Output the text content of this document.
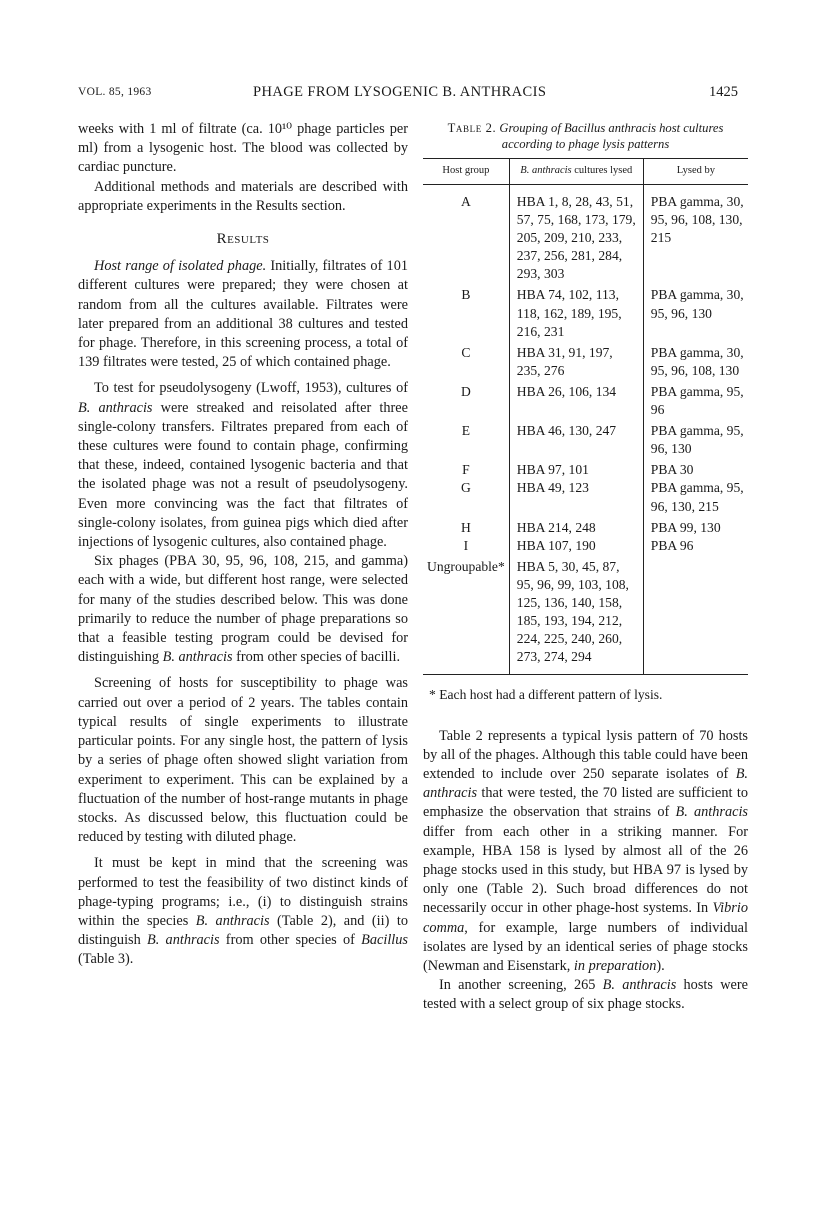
VOL. 85, 1963	PHAGE FROM LYSOGENIC B. ANTHRACIS	1425

weeks with 1 ml of filtrate (ca. 10¹⁰ phage particles per ml) from a lysogenic host. The blood was collected by cardiac puncture.

Additional methods and materials are described with appropriate experiments in the Results section.

Results

Host range of isolated phage. Initially, filtrates of 101 different cultures were prepared; they were chosen at random from all the cultures available. Filtrates were later prepared from an additional 38 cultures and tested for phage. Therefore, in this screening process, a total of 139 filtrates were tested, 25 of which contained phage.

To test for pseudolysogeny (Lwoff, 1953), cultures of B. anthracis were streaked and reisolated after three single-colony transfers. Filtrates prepared from each of these cultures were found to contain phage, confirming that these, indeed, contained lysogenic bacteria and that the isolated phage was not a result of pseudolysogeny. Even more convincing was the fact that filtrates of single-colony isolates, from guinea pigs which died after injections of lysogenic cultures, also contained phage.

Six phages (PBA 30, 95, 96, 108, 215, and gamma) each with a wide, but different host range, were selected for many of the studies described below. This was done primarily to reduce the number of phage preparations so that a feasible testing program could be devised for distinguishing B. anthracis from other species of bacilli.

Screening of hosts for susceptibility to phage was carried out over a period of 2 years. The tables contain typical results of single experiments to illustrate particular points. For any single host, the pattern of lysis by a series of phage often showed slight variation from experiment to experiment. This can be explained by a fluctuation of the number of host-range mutants in phage stocks. As discussed below, this fluctuation could be reduced by testing with diluted phage.

It must be kept in mind that the screening was performed to test the feasibility of two distinct kinds of phage-typing programs; i.e., (i) to distinguish strains within the species B. anthracis (Table 2), and (ii) to distinguish B. anthracis from other species of Bacillus (Table 3).

Table 2. Grouping of Bacillus anthracis host cultures according to phage lysis patterns
Host group	B. anthracis cultures lysed	Lysed by
A	HBA 1, 8, 28, 43, 51, 57, 75, 168, 173, 179, 205, 209, 210, 233, 237, 256, 281, 284, 293, 303	PBA gamma, 30, 95, 96, 108, 130, 215
B	HBA 74, 102, 113, 118, 162, 189, 195, 216, 231	PBA gamma, 30, 95, 96, 130
C	HBA 31, 91, 197, 235, 276	PBA gamma, 30, 95, 96, 108, 130
D	HBA 26, 106, 134	PBA gamma, 95, 96
E	HBA 46, 130, 247	PBA gamma, 95, 96, 130
F	HBA 97, 101	PBA 30
G	HBA 49, 123	PBA gamma, 95, 96, 130, 215
H	HBA 214, 248	PBA 99, 130
I	HBA 107, 190	PBA 96
Ungroupable*	HBA 5, 30, 45, 87, 95, 96, 99, 103, 108, 125, 136, 140, 158, 185, 193, 194, 212, 224, 225, 240, 260, 273, 274, 294	
* Each host had a different pattern of lysis.

Table 2 represents a typical lysis pattern of 70 hosts by all of the phages. Although this table could have been extended to include over 250 separate isolates of B. anthracis that were tested, the 70 listed are sufficient to emphasize the observation that strains of B. anthracis differ from each other in a striking manner. For example, HBA 158 is lysed by almost all of the 26 phage stocks used in this study, but HBA 97 is lysed by only one (Table 2). Such broad differences do not necessarily occur in other phage-host systems. In Vibrio comma, for example, large numbers of individual isolates are lysed by an identical series of phage stocks (Newman and Eisenstark, in preparation).

In another screening, 265 B. anthracis hosts were tested with a select group of six phage stocks.
